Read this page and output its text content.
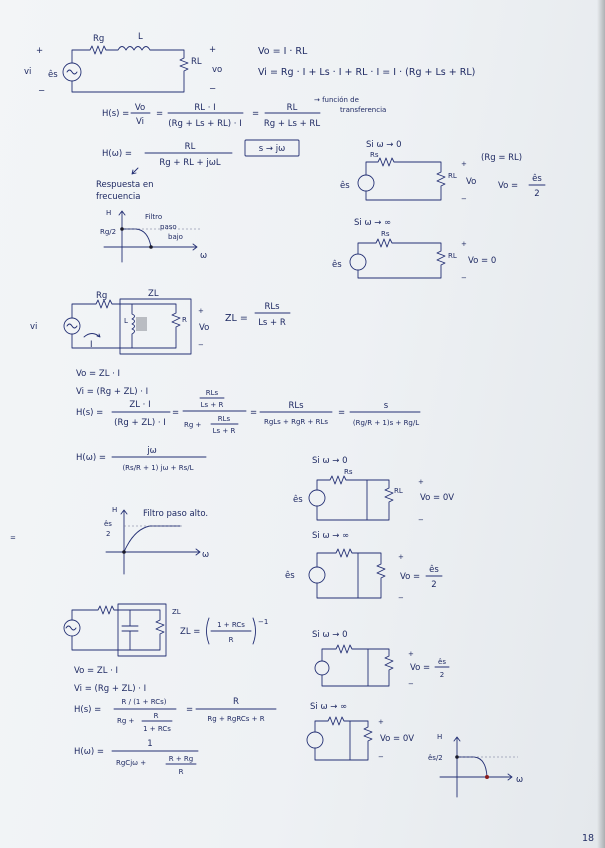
+
vi
−
ês
Rg	L
RL
+
vo
−
Vo = I · RL
Vi = Rg · I + Ls · I + RL · I = I · (Rg + Ls + RL)
H(s) =
Vo
Vi
=
RL · I
(Rg + Ls + RL) · I
=
RL
Rg + Ls + RL
→ función de
transferencia
H(ω) =
RL
Rg + RL + jωL
s → jω
Respuesta en
frecuencia
H
Rg/2
ω
Filtro
paso
bajo
Si ω → 0
Rs
ês
RL
+
Vo
−
(Rg = RL)
Vo =
ês
2
Si ω → ∞
Rs
ês
RL
+
Vo = 0
−
vi
Rg	ZL
L	R
I
+
Vo
−
ZL =
RLs
Ls + R
Vo = ZL · I
Vi = (Rg + ZL) · I
H(s) =
ZL · I
(Rg + ZL) · I
=
RLs
Ls + R
Rg +
RLs
Ls + R
=
RLs
RgLs + RgR + RLs
=
s
(Rg/R + 1)s + Rg/L
H(ω) =
jω
(Rs/R + 1) jω + Rs/L
H
ês
2
ω
Filtro paso alto.
Si ω → 0
Rs
ês
RL
+
Vo = 0V
−
Si ω → ∞
ês
+
Vo =
ês
2
−
=
ZL
ZL =
1 + RCs
R
−1
Vo = ZL · I
Vi = (Rg + ZL) · I
H(s) =
R / (1 + RCs)
Rg +
R
1 + RCs
=
R
Rg + RgRCs + R
H(ω) =
1
RgCjω +	R + Rg
R
Si ω → 0
+
Vo =
ês
2
−
Si ω → ∞
+
Vo = 0V
−
H
ês/2
ω
18
